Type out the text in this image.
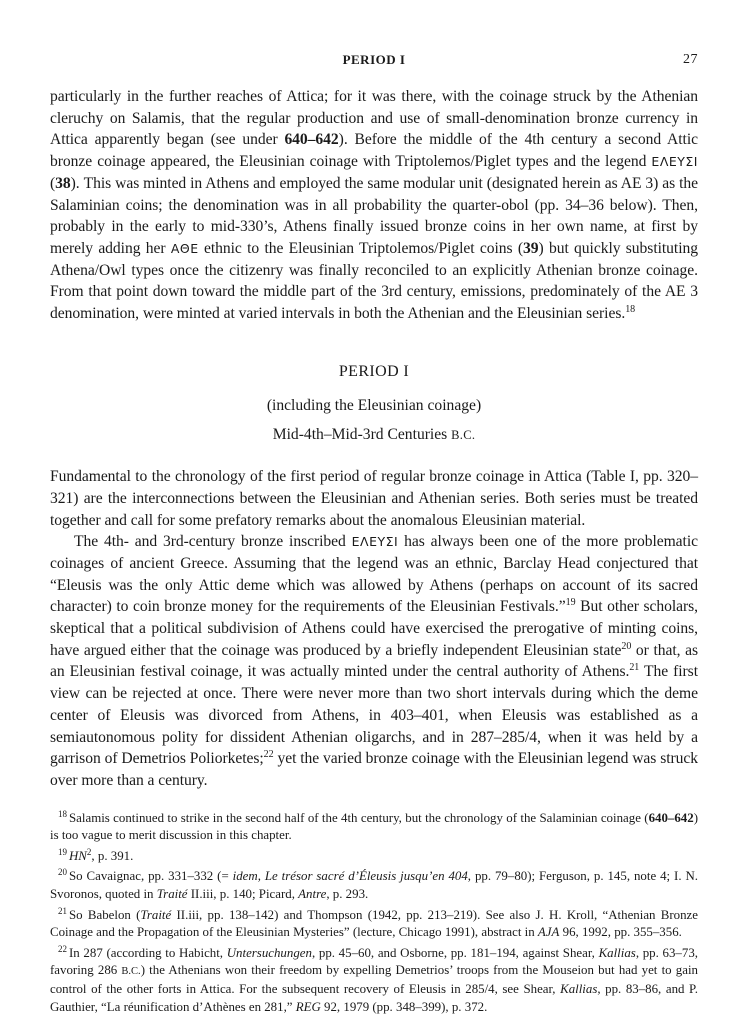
PERIOD I	27

particularly in the further reaches of Attica; for it was there, with the coinage struck by the Athenian cleruchy on Salamis, that the regular production and use of small-denomination bronze currency in Attica apparently began (see under 640–642). Before the middle of the 4th century a second Attic bronze coinage appeared, the Eleusinian coinage with Triptolemos/Piglet types and the legend ΕΛΕΥΣΙ (38). This was minted in Athens and employed the same modular unit (designated herein as AE 3) as the Salaminian coins; the denomination was in all probability the quarter-obol (pp. 34–36 below). Then, probably in the early to mid-330’s, Athens finally issued bronze coins in her own name, at first by merely adding her ΑΘΕ ethnic to the Eleusinian Triptolemos/Piglet coins (39) but quickly substituting Athena/Owl types once the citizenry was finally reconciled to an explicitly Athenian bronze coinage. From that point down toward the middle part of the 3rd century, emissions, predominately of the AE 3 denomination, were minted at varied intervals in both the Athenian and the Eleusinian series.$^{18}$

PERIOD I
(including the Eleusinian coinage)
Mid-4th–Mid-3rd Centuries B.C.

Fundamental to the chronology of the first period of regular bronze coinage in Attica (Table I, pp. 320–321) are the interconnections between the Eleusinian and Athenian series. Both series must be treated together and call for some prefatory remarks about the anomalous Eleusinian material.

The 4th- and 3rd-century bronze inscribed ΕΛΕΥΣΙ has always been one of the more problematic coinages of ancient Greece. Assuming that the legend was an ethnic, Barclay Head conjectured that “Eleusis was the only Attic deme which was allowed by Athens (perhaps on account of its sacred character) to coin bronze money for the requirements of the Eleusinian Festivals.”$^{19}$ But other scholars, skeptical that a political subdivision of Athens could have exercised the prerogative of minting coins, have argued either that the coinage was produced by a briefly independent Eleusinian state$^{20}$ or that, as an Eleusinian festival coinage, it was actually minted under the central authority of Athens.$^{21}$ The first view can be rejected at once. There were never more than two short intervals during which the deme center of Eleusis was divorced from Athens, in 403–401, when Eleusis was established as a semiautonomous polity for dissident Athenian oligarchs, and in 287–285/4, when it was held by a garrison of Demetrios Poliorketes;$^{22}$ yet the varied bronze coinage with the Eleusinian legend was struck over more than a century.

$^{18}$ Salamis continued to strike in the second half of the 4th century, but the chronology of the Salaminian coinage (640–642) is too vague to merit discussion in this chapter.

$^{19}$ $HN^2$, p. 391.

$^{20}$ So Cavaignac, pp. 331–332 (= idem, Le trésor sacré d’Éleusis jusqu’en 404, pp. 79–80); Ferguson, p. 145, note 4; I. N. Svoronos, quoted in Traité II.iii, p. 140; Picard, Antre, p. 293.

$^{21}$ So Babelon (Traité II.iii, pp. 138–142) and Thompson (1942, pp. 213–219). See also J. H. Kroll, “Athenian Bronze Coinage and the Propagation of the Eleusinian Mysteries” (lecture, Chicago 1991), abstract in AJA 96, 1992, pp. 355–356.

$^{22}$ In 287 (according to Habicht, Untersuchungen, pp. 45–60, and Osborne, pp. 181–194, against Shear, Kallias, pp. 63–73, favoring 286 B.C.) the Athenians won their freedom by expelling Demetrios’ troops from the Mouseion but had yet to gain control of the other forts in Attica. For the subsequent recovery of Eleusis in 285/4, see Shear, Kallias, pp. 83–86, and P. Gauthier, “La réunification d’Athènes en 281,” REG 92, 1979 (pp. 348–399), p. 372.
